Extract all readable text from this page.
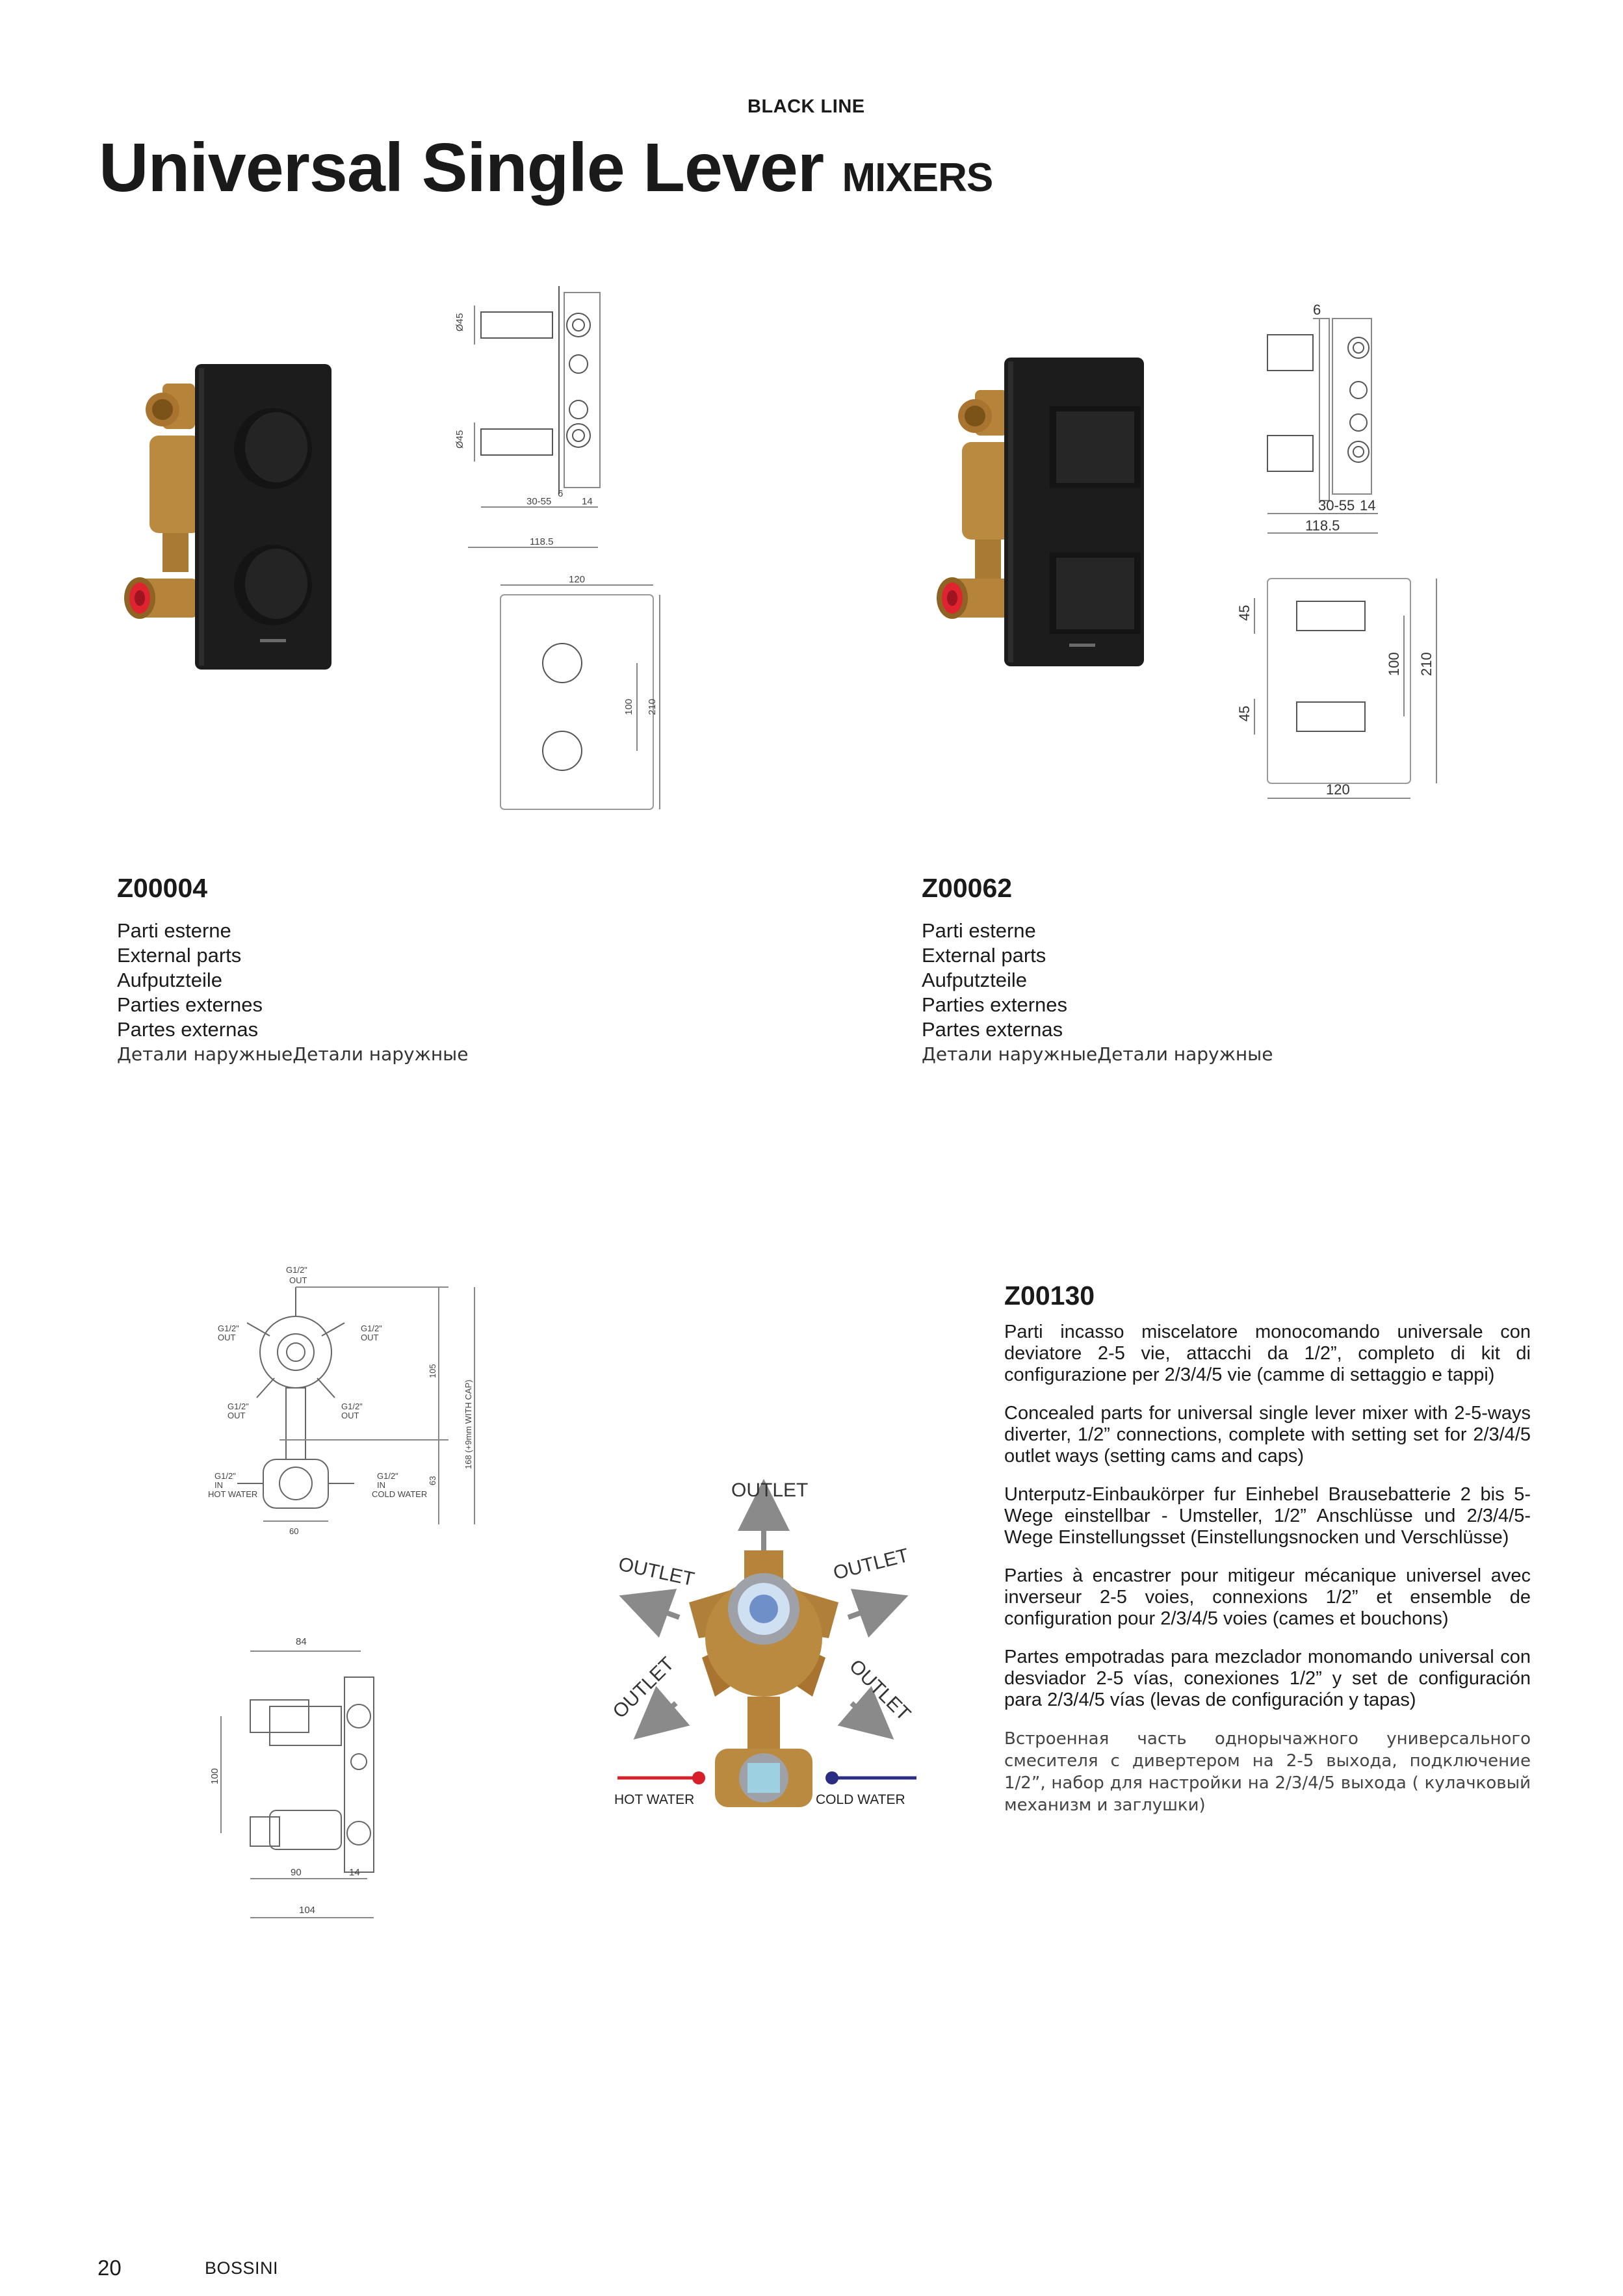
BLACK LINE
Universal Single Lever MIXERS
Ø45
Ø45
6
30-55	14
118.5
120
100 210
Z00004
Parti esterne
External parts
Aufputzteile
Parties externes
Partes externas
Детали наружныеДетали наружные
6
30-55 14
118.5
45
45
100 210
120
Z00062
Parti esterne
External parts
Aufputzteile
Parties externes
Partes externas
Детали наружныеДетали наружные
G1/2" OUT
G1/2" OUT
G1/2" OUT
G1/2" OUT
G1/2" OUT
G1/2" IN HOT WATER
G1/2" IN COLD WATER
105
63
168 (+9mm WITH CAP)
60
84
100
90	14
104
OUTLET
OUTLET	OUTLET
OUTLET	OUTLET
HOT WATER	COLD WATER
Z00130

Parti incasso miscelatore monocomando universale con deviatore 2-5 vie, attacchi da 1/2”, completo di kit di configurazione per 2/3/4/5 vie (camme di settaggio e tappi)

Concealed parts for universal single lever mixer with 2-5-ways diverter, 1/2” connections, complete with setting set for 2/3/4/5 outlet ways (setting cams and caps)

Unterputz-Einbaukörper fur Einhebel Brausebatterie 2 bis 5-Wege einstellbar - Umsteller, 1/2” Anschlüsse und 2/3/4/5-Wege Einstellungsset (Einstellungsnocken und Verschlüsse)

Parties à encastrer pour mitigeur mécanique universel avec inverseur 2-5 voies, connexions 1/2” et ensemble de configuration pour 2/3/4/5 voies (cames et bouchons)

Partes empotradas para mezclador monomando universal con desviador 2-5 vías, conexiones 1/2” y set de configuración para 2/3/4/5 vías (levas de configuración y tapas)

Встроенная часть однорычажного универсального смесителя с дивертером на 2-5 выхода, подключение 1/2”, набор для настройки на 2/3/4/5 выхода ( кулачковый механизм и заглушки)

20	BOSSINI
